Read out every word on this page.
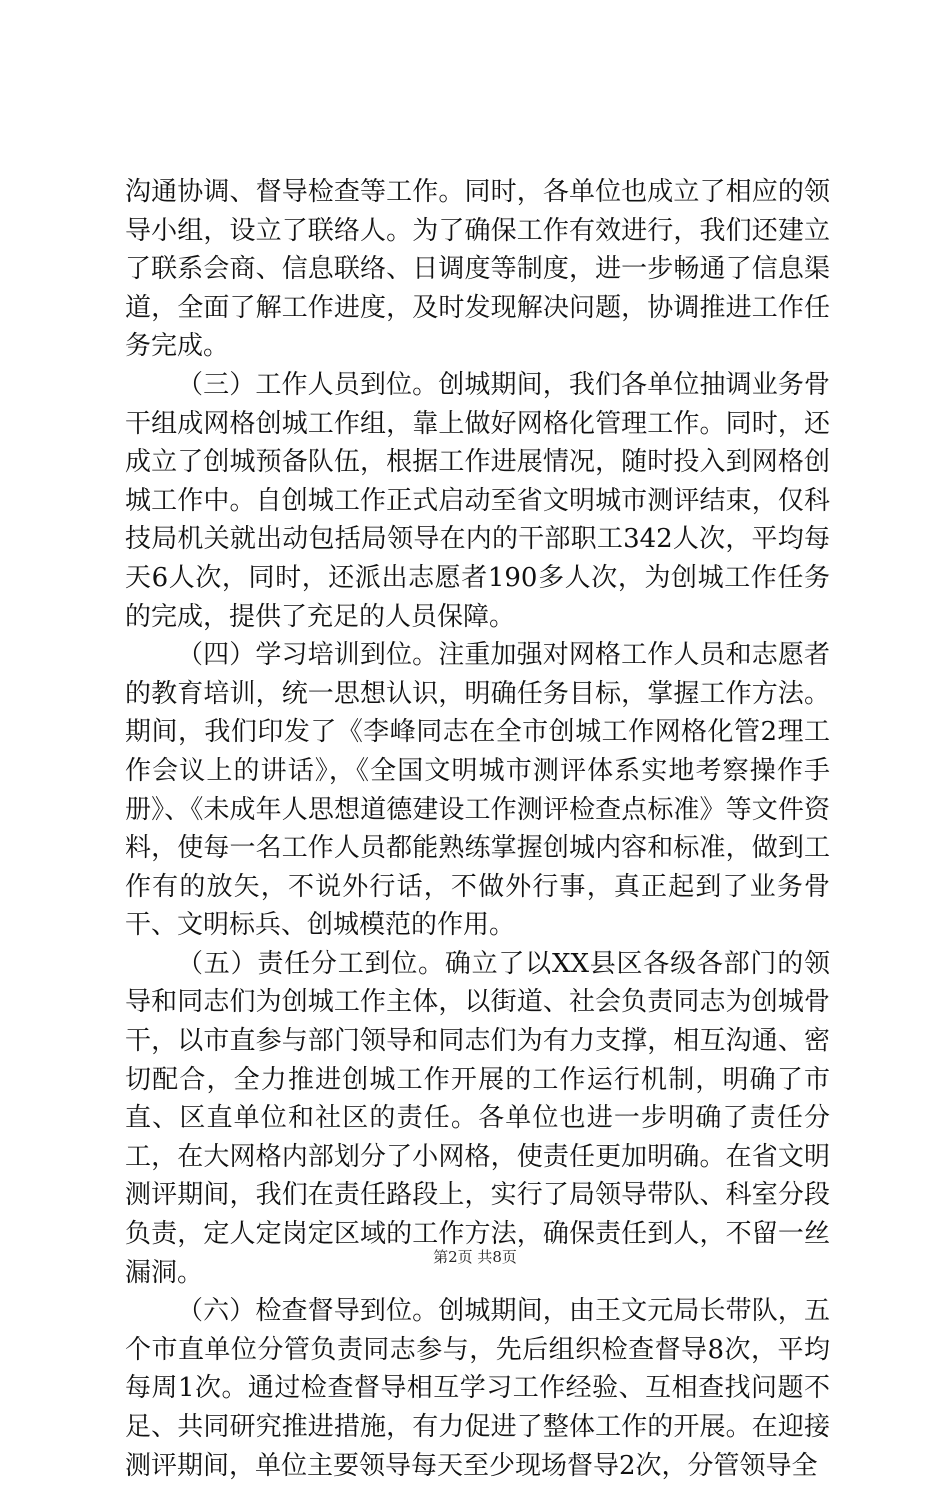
沟通协调、督导检查等工作。同时，各单位也成立了相应的领导小组，设立了联络人。为了确保工作有效进行，我们还建立了联系会商、信息联络、日调度等制度，进一步畅通了信息渠道，全面了解工作进度，及时发现解决问题，协调推进工作任务完成。

（三）工作人员到位。创城期间，我们各单位抽调业务骨干组成网格创城工作组，靠上做好网格化管理工作。同时，还成立了创城预备队伍，根据工作进展情况，随时投入到网格创城工作中。自创城工作正式启动至省文明城市测评结束，仅科技局机关就出动包括局领导在内的干部职工342人次，平均每天6人次，同时，还派出志愿者190多人次，为创城工作任务的完成，提供了充足的人员保障。

（四）学习培训到位。注重加强对网格工作人员和志愿者的教育培训，统一思想认识，明确任务目标，掌握工作方法。期间，我们印发了《李峰同志在全市创城工作网格化管2理工作会议上的讲话》，《全国文明城市测评体系实地考察操作手册》、《未成年人思想道德建设工作测评检查点标准》等文件资料，使每一名工作人员都能熟练掌握创城内容和标准，做到工作有的放矢，不说外行话，不做外行事，真正起到了业务骨干、文明标兵、创城模范的作用。

（五）责任分工到位。确立了以XX县区各级各部门的领导和同志们为创城工作主体，以街道、社会负责同志为创城骨干，以市直参与部门领导和同志们为有力支撑，相互沟通、密切配合，全力推进创城工作开展的工作运行机制，明确了市直、区直单位和社区的责任。各单位也进一步明确了责任分工，在大网格内部划分了小网格，使责任更加明确。在省文明测评期间，我们在责任路段上，实行了局领导带队、科室分段负责，定人定岗定区域的工作方法，确保责任到人，不留一丝漏洞。

（六）检查督导到位。创城期间，由王文元局长带队，五个市直单位分管负责同志参与，先后组织检查督导8次，平均每周1次。通过检查督导相互学习工作经验、互相查找问题不足、共同研究推进措施，有力促进了整体工作的开展。在迎接测评期间，单位主要领导每天至少现场督导2次，分管领导全

第2页 共8页
